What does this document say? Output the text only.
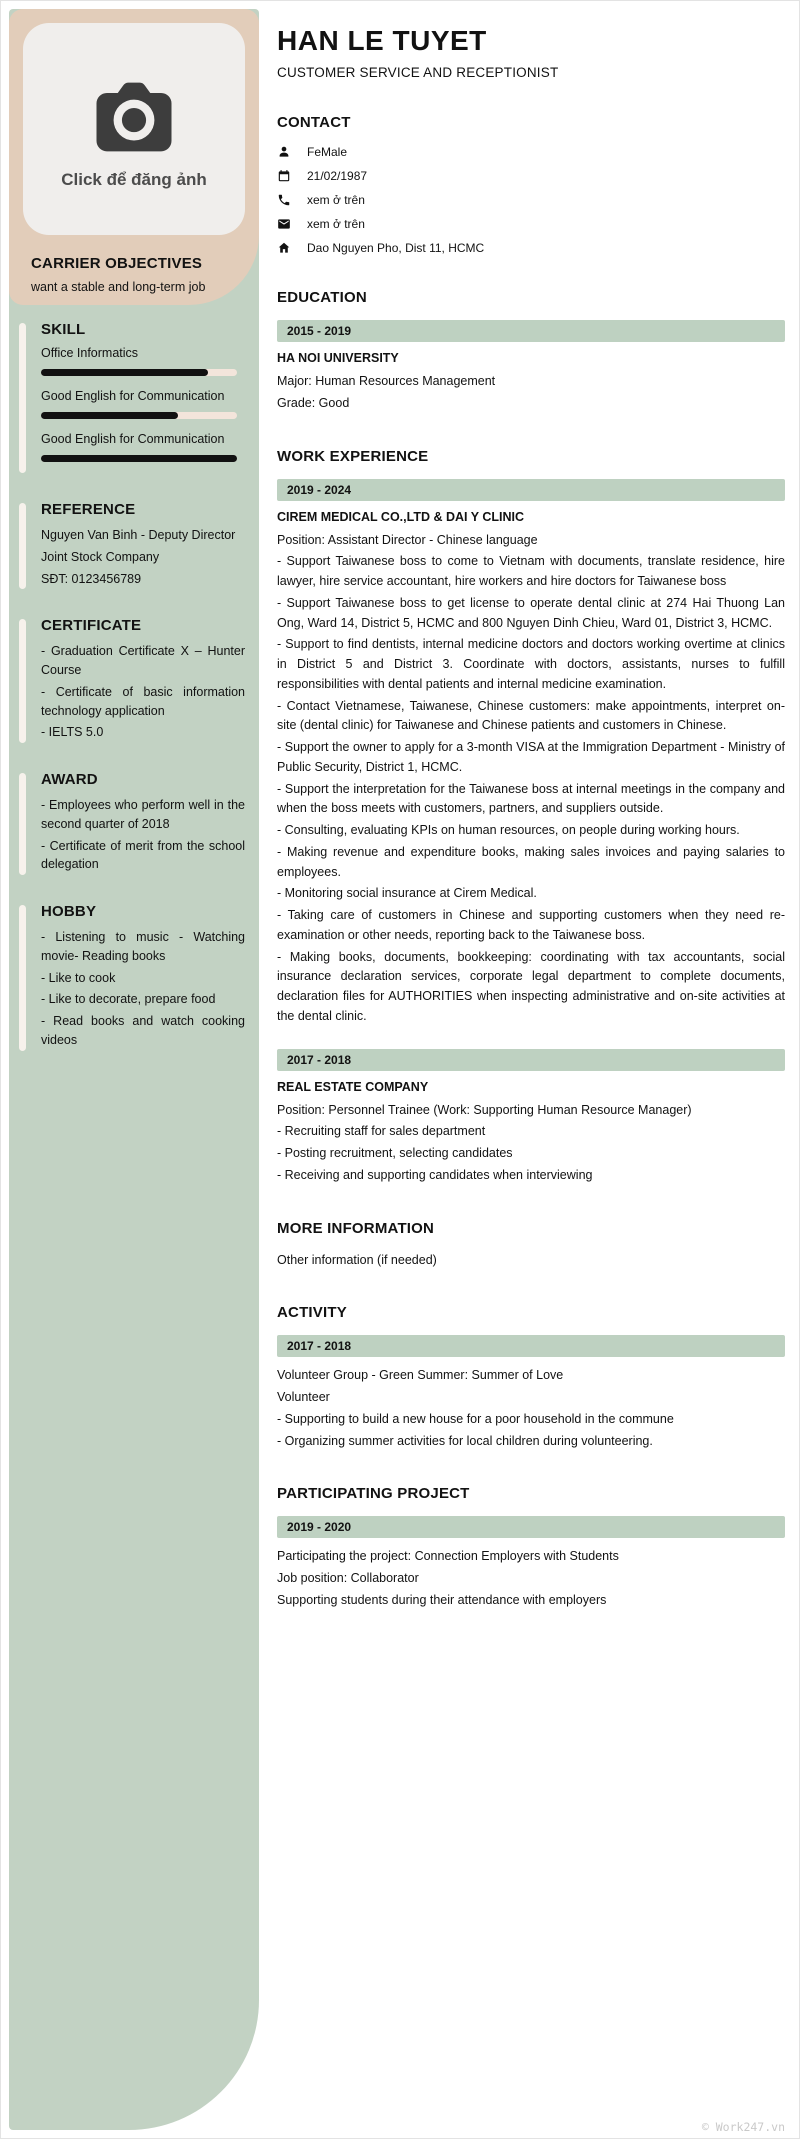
Click để đăng ảnh
CARRIER OBJECTIVES

want a stable and long-term job

SKILL
Office Informatics
Good English for Communication
Good English for Communication
REFERENCE

Nguyen Van Binh - Deputy Director

Joint Stock Company

SĐT: 0123456789

CERTIFICATE

- Graduation Certificate X – Hunter Course

- Certificate of basic information technology application

- IELTS 5.0

AWARD

- Employees who perform well in the second quarter of 2018

- Certificate of merit from the school delegation

HOBBY

- Listening to music - Watching movie- Reading books

- Like to cook

- Like to decorate, prepare food

- Read books and watch cooking videos

HAN LE TUYET
CUSTOMER SERVICE AND RECEPTIONIST
CONTACT
FeMale
21/02/1987
xem ở trên
xem ở trên
Dao Nguyen Pho, Dist 11, HCMC
EDUCATION
2015 - 2019
HA NOI UNIVERSITY

Major: Human Resources Management

Grade: Good

WORK EXPERIENCE
2019 - 2024
CIREM MEDICAL CO.,LTD & DAI Y CLINIC

Position: Assistant Director - Chinese language

- Support Taiwanese boss to come to Vietnam with documents, translate residence, hire lawyer, hire service accountant, hire workers and hire doctors for Taiwanese boss

- Support Taiwanese boss to get license to operate dental clinic at 274 Hai Thuong Lan Ong, Ward 14, District 5, HCMC and 800 Nguyen Dinh Chieu, Ward 01, District 3, HCMC.

- Support to find dentists, internal medicine doctors and doctors working overtime at clinics in District 5 and District 3. Coordinate with doctors, assistants, nurses to fulfill responsibilities with dental patients and internal medicine examination.

- Contact Vietnamese, Taiwanese, Chinese customers: make appointments, interpret on-site (dental clinic) for Taiwanese and Chinese patients and customers in Chinese.

- Support the owner to apply for a 3-month VISA at the Immigration Department - Ministry of Public Security, District 1, HCMC.

- Support the interpretation for the Taiwanese boss at internal meetings in the company and when the boss meets with customers, partners, and suppliers outside.

- Consulting, evaluating KPIs on human resources, on people during working hours.

- Making revenue and expenditure books, making sales invoices and paying salaries to employees.

- Monitoring social insurance at Cirem Medical.

- Taking care of customers in Chinese and supporting customers when they need re-examination or other needs, reporting back to the Taiwanese boss.

- Making books, documents, bookkeeping: coordinating with tax accountants, social insurance declaration services, corporate legal department to complete documents, declaration files for AUTHORITIES when inspecting administrative and on-site activities at the dental clinic.

2017 - 2018
REAL ESTATE COMPANY

Position: Personnel Trainee (Work: Supporting Human Resource Manager)

- Recruiting staff for sales department

- Posting recruitment, selecting candidates

- Receiving and supporting candidates when interviewing

MORE INFORMATION

Other information (if needed)

ACTIVITY
2017 - 2018

Volunteer Group - Green Summer: Summer of Love

Volunteer

- Supporting to build a new house for a poor household in the commune

- Organizing summer activities for local children during volunteering.

PARTICIPATING PROJECT
2019 - 2020

Participating the project: Connection Employers with Students

Job position: Collaborator

Supporting students during their attendance with employers

© Work247.vn
